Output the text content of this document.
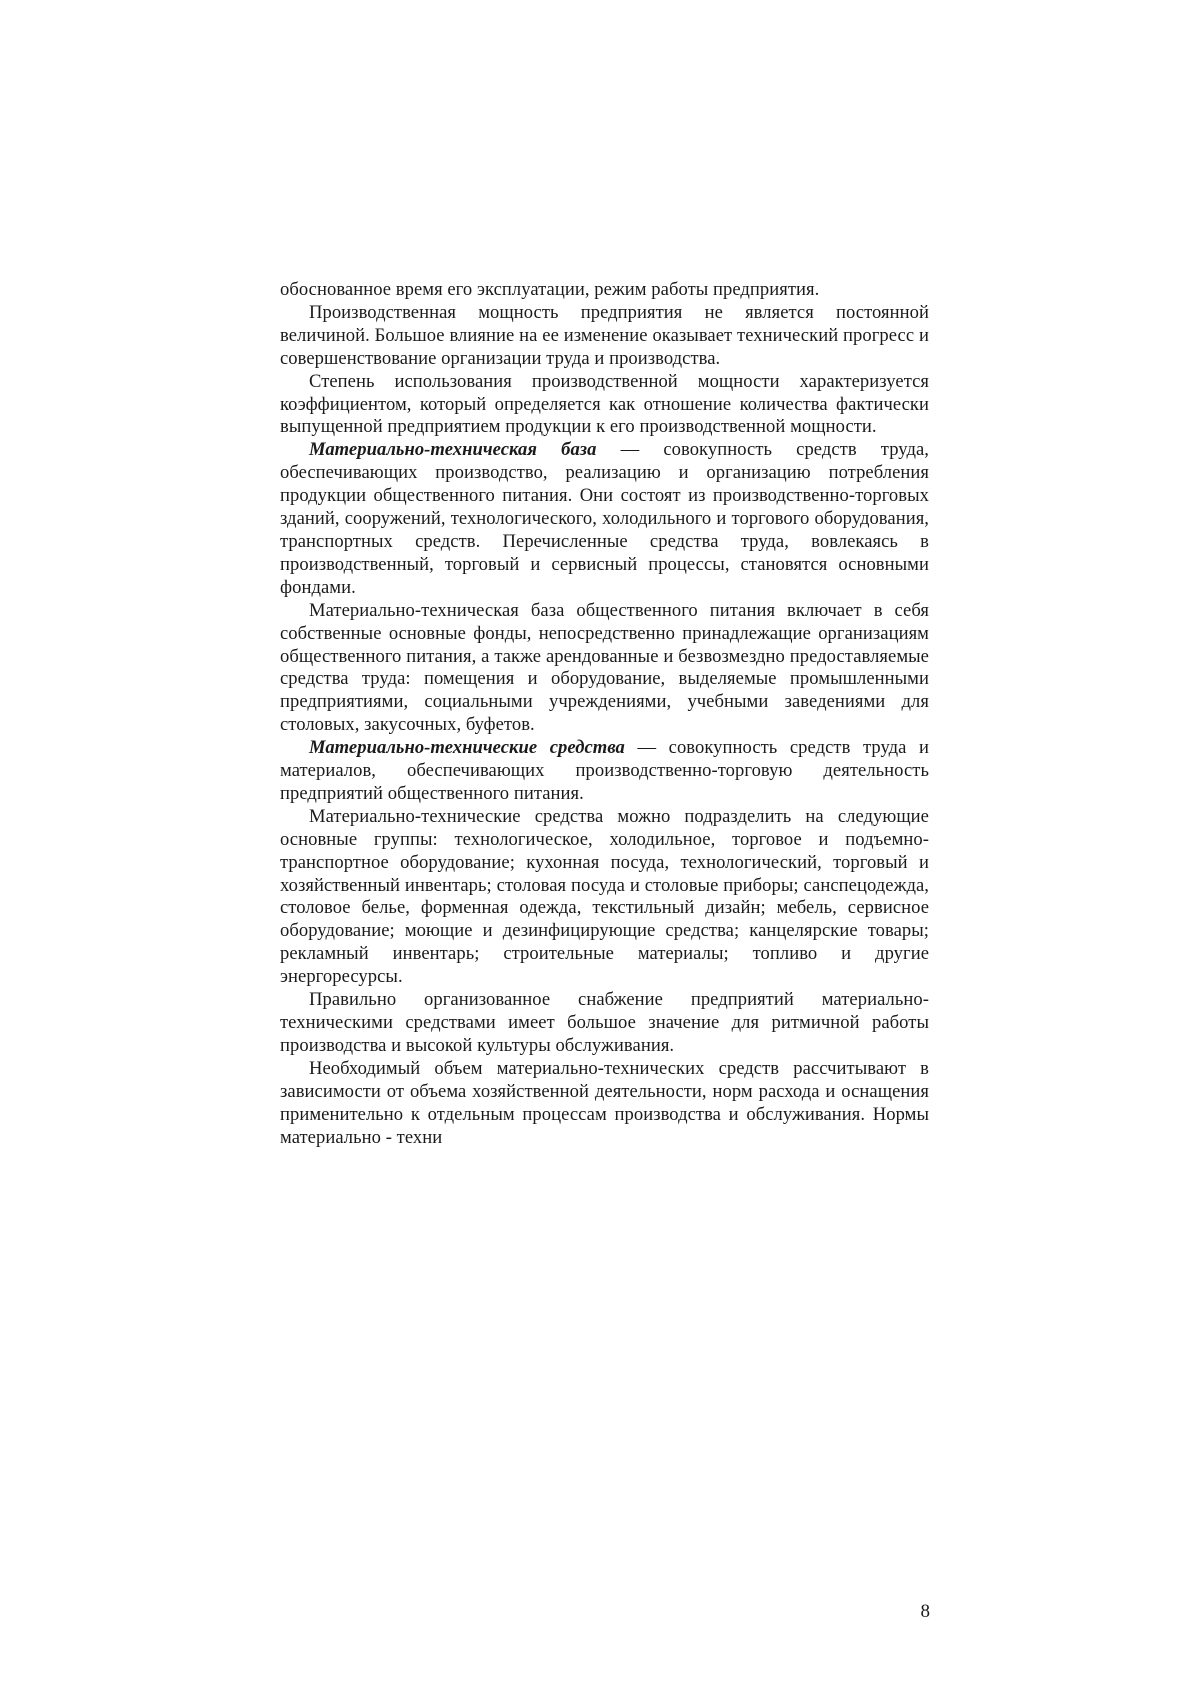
обоснованное время его эксплуатации, режим работы предприятия.

Производственная мощность предприятия не является постоянной величиной. Большое влияние на ее изменение оказывает технический прогресс и совершенствование организации труда и производства.

Степень использования производственной мощности характеризуется коэффициентом, который определяется как отношение количества фактически выпущенной предприятием продукции к его производственной мощности.

Материально-техническая база — совокупность средств труда, обеспечивающих производство, реализацию и организацию потребления продукции общественного питания. Они состоят из производственно-торговых зданий, сооружений, технологического, холодильного и торгового оборудования, транспортных средств. Перечисленные средства труда, вовлекаясь в производственный, торговый и сервисный процессы, становятся основными фондами.

Материально-техническая база общественного питания включает в себя собственные основные фонды, непосредственно принадлежащие организациям общественного питания, а также арендованные и безвозмездно предоставляемые средства труда: помещения и оборудование, выделяемые промышленными предприятиями, социальными учреждениями, учебными заведениями для столовых, закусочных, буфетов.

Материально-технические средства — совокупность средств труда и материалов, обеспечивающих производственно-торговую деятельность предприятий общественного питания.

Материально-технические средства можно подразделить на следующие основные группы: технологическое, холодильное, торговое и подъемно-транспортное оборудование; кухонная посуда, технологический, торговый и хозяйственный инвентарь; столовая посуда и столовые приборы; санспецодежда, столовое белье, форменная одежда, текстильный дизайн; мебель, сервисное оборудование; моющие и дезинфицирующие средства; канцелярские товары; рекламный инвентарь; строительные материалы; топливо и другие энергоресурсы.

Правильно организованное снабжение предприятий материально-техническими средствами имеет большое значение для ритмичной работы производства и высокой культуры обслуживания.

Необходимый объем материально-технических средств рассчитывают в зависимости от объема хозяйственной деятельности, норм расхода и оснащения применительно к отдельным процессам производства и обслуживания. Нормы материально - техни

8
